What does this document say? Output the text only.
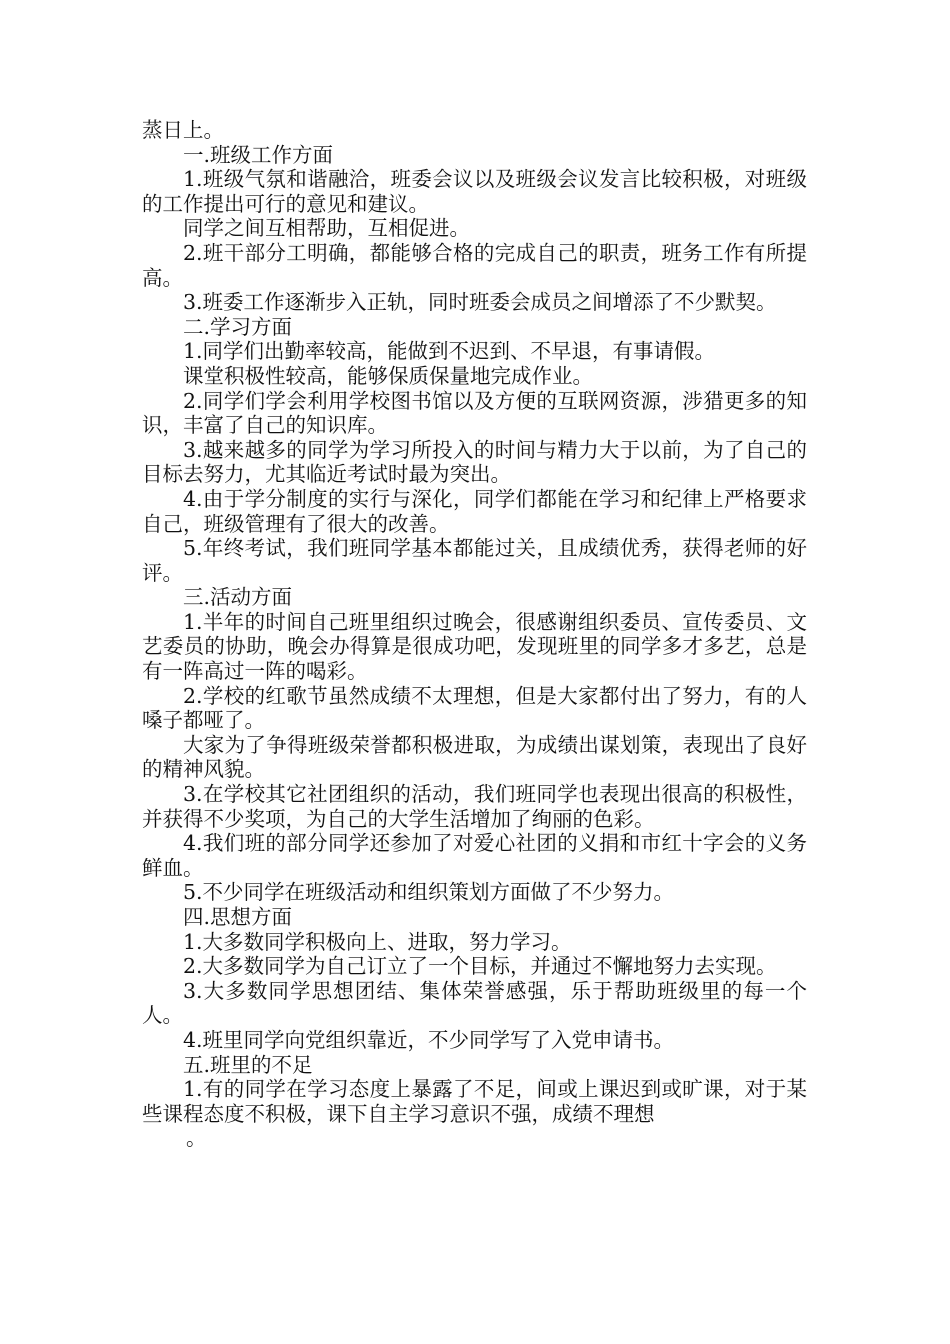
蒸日上。

一.班级工作方面

1.班级气氛和谐融洽，班委会议以及班级会议发言比较积极，对班级的工作提出可行的意见和建议。

同学之间互相帮助，互相促进。

2.班干部分工明确，都能够合格的完成自己的职责，班务工作有所提高。

3.班委工作逐渐步入正轨，同时班委会成员之间增添了不少默契。

二.学习方面

1.同学们出勤率较高，能做到不迟到、不早退，有事请假。

课堂积极性较高，能够保质保量地完成作业。

2.同学们学会利用学校图书馆以及方便的互联网资源，涉猎更多的知识，丰富了自己的知识库。

3.越来越多的同学为学习所投入的时间与精力大于以前，为了自己的目标去努力，尤其临近考试时最为突出。

4.由于学分制度的实行与深化，同学们都能在学习和纪律上严格要求自己，班级管理有了很大的改善。

5.年终考试，我们班同学基本都能过关，且成绩优秀，获得老师的好评。

三.活动方面

1.半年的时间自己班里组织过晚会，很感谢组织委员、宣传委员、文艺委员的协助，晚会办得算是很成功吧，发现班里的同学多才多艺，总是有一阵高过一阵的喝彩。

2.学校的红歌节虽然成绩不太理想，但是大家都付出了努力，有的人嗓子都哑了。

大家为了争得班级荣誉都积极进取，为成绩出谋划策，表现出了良好的精神风貌。

3.在学校其它社团组织的活动，我们班同学也表现出很高的积极性，并获得不少奖项，为自己的大学生活增加了绚丽的色彩。

4.我们班的部分同学还参加了对爱心社团的义捐和市红十字会的义务鲜血。

5.不少同学在班级活动和组织策划方面做了不少努力。

四.思想方面

1.大多数同学积极向上、进取，努力学习。

2.大多数同学为自己订立了一个目标，并通过不懈地努力去实现。

3.大多数同学思想团结、集体荣誉感强，乐于帮助班级里的每一个人。

4.班里同学向党组织靠近，不少同学写了入党申请书。

五.班里的不足

1.有的同学在学习态度上暴露了不足，间或上课迟到或旷课，对于某些课程态度不积极，课下自主学习意识不强，成绩不理想

。
